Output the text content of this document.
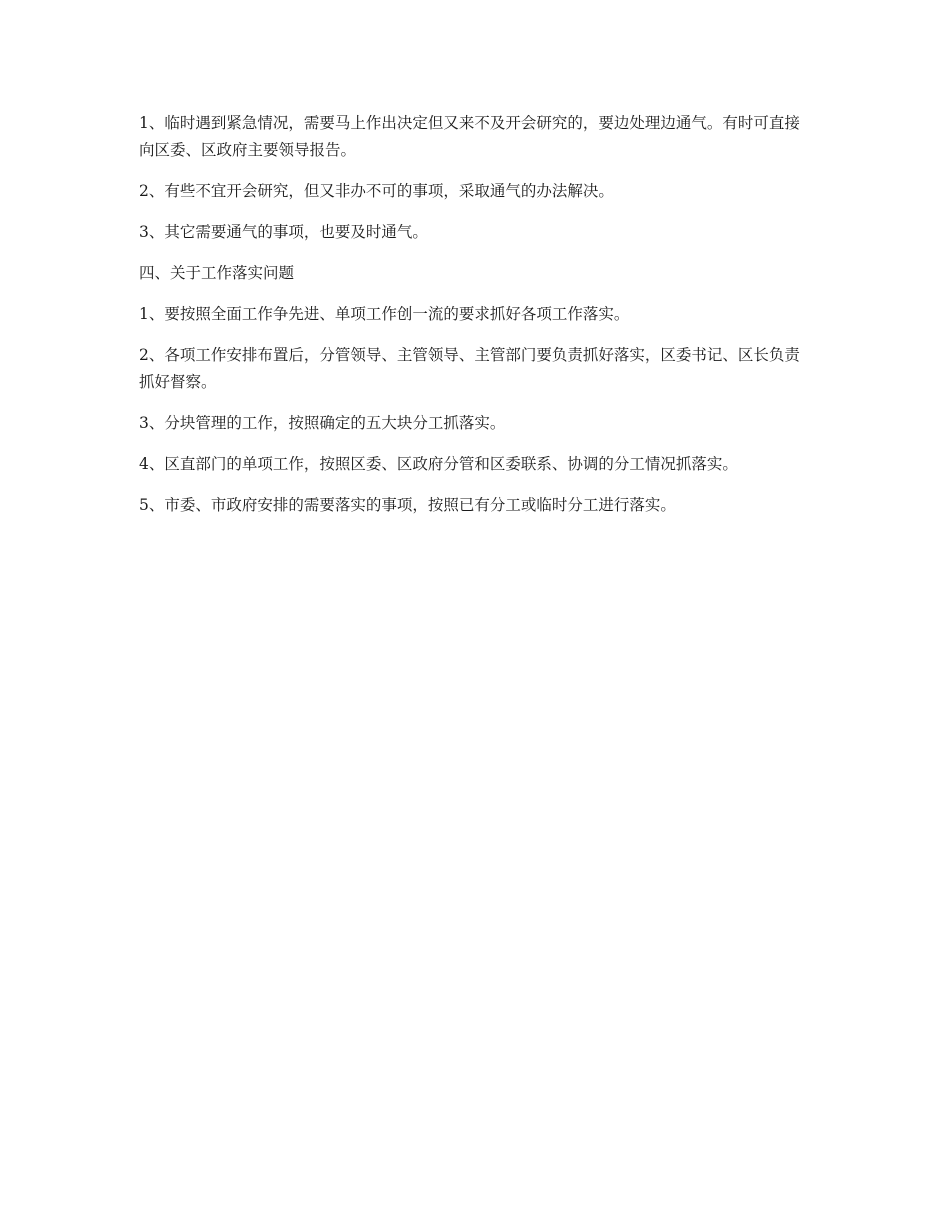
1、临时遇到紧急情况，需要马上作出决定但又来不及开会研究的，要边处理边通气。有时可直接向区委、区政府主要领导报告。

2、有些不宜开会研究，但又非办不可的事项，采取通气的办法解决。

3、其它需要通气的事项，也要及时通气。

四、关于工作落实问题

1、要按照全面工作争先进、单项工作创一流的要求抓好各项工作落实。

2、各项工作安排布置后，分管领导、主管领导、主管部门要负责抓好落实，区委书记、区长负责抓好督察。

3、分块管理的工作，按照确定的五大块分工抓落实。

4、区直部门的单项工作，按照区委、区政府分管和区委联系、协调的分工情况抓落实。

5、市委、市政府安排的需要落实的事项，按照已有分工或临时分工进行落实。
